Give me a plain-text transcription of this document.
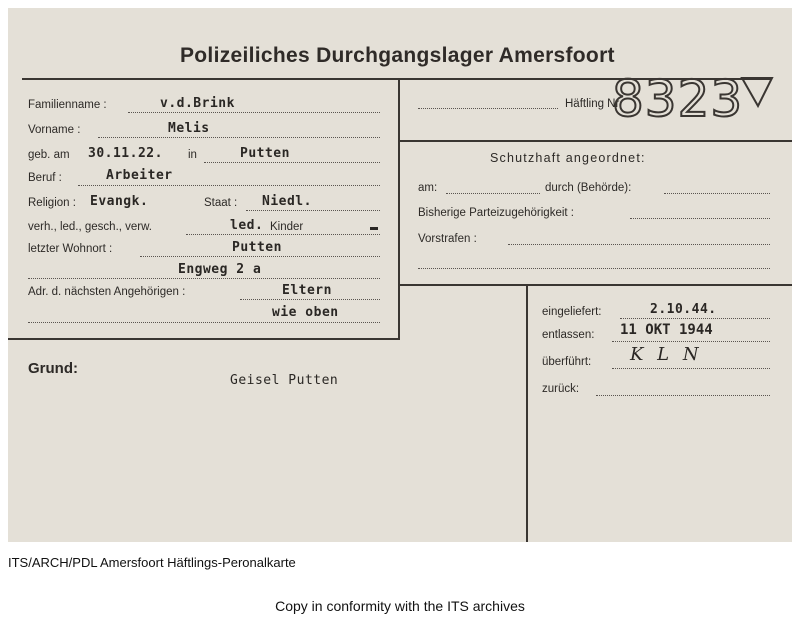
Polizeiliches Durchgangslager Amersfoort
Familienname :	v.d.Brink
Vorname :	Melis
geb. am 30.11.22. in	Putten
Beruf :	Arbeiter
Religion : Evangk.	Staat : Niedl.
verh., led., gesch., verw.	led. Kinder
letzter Wohnort :	Putten
Engweg 2 a
Adr. d. nächsten Angehörigen :	Eltern
wie oben
Häftling Nr.
8323
Schutzhaft angeordnet:
am:	durch (Behörde):
Bisherige Parteizugehörigkeit :
Vorstrafen :
eingeliefert:	2.10.44.
entlassen: 11 OKT 1944
überführt: K L N
zurück:
Grund:
Geisel Putten
ITS/ARCH/PDL Amersfoort Häftlings-Peronalkarte
Copy in conformity with the ITS archives
